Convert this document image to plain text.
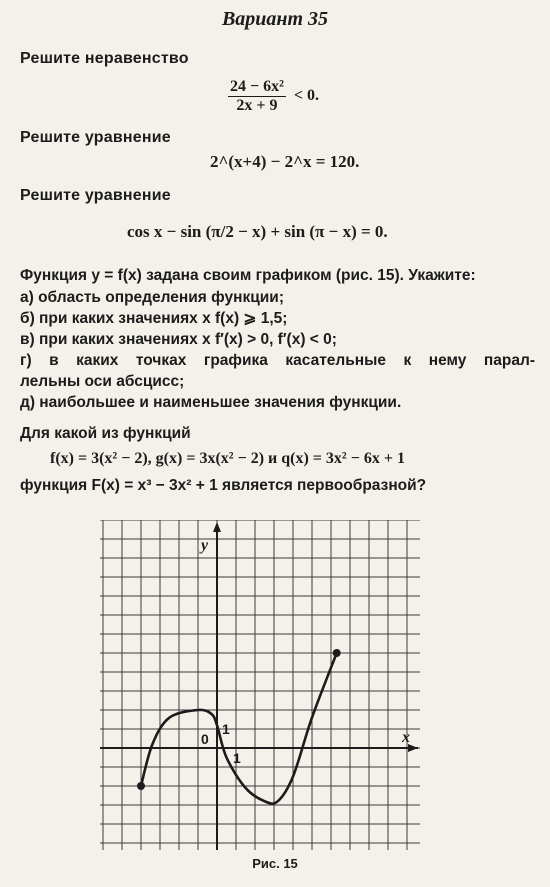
Вариант 35
Решите неравенство
$\frac{\text{24 − 6x²}}{2x + 9} < 0$.
Решите уравнение
2^(x+4) − 2^x = 120.
Решите уравнение
cos x − sin (π/2 − x) + sin (π − x) = 0.
Функция y = f(x) задана своим графиком (рис. 15). Укажите:
а) область определения функции;
б) при каких значениях x f(x) ⩾ 1,5;
в) при каких значениях x f′(x) > 0, f′(x) < 0;
г) в каких точках графика касательные к нему парал-
лельны оси абсцисс;
д) наибольшее и наименьшее значения функции.
Для какой из функций
f(x) = 3(x² − 2), g(x) = 3x(x² − 2) и q(x) = 3x² − 6x + 1
функция F(x) = x³ − 3x² + 1 является первообразной?
y
x
0
1
1
Рис. 15
